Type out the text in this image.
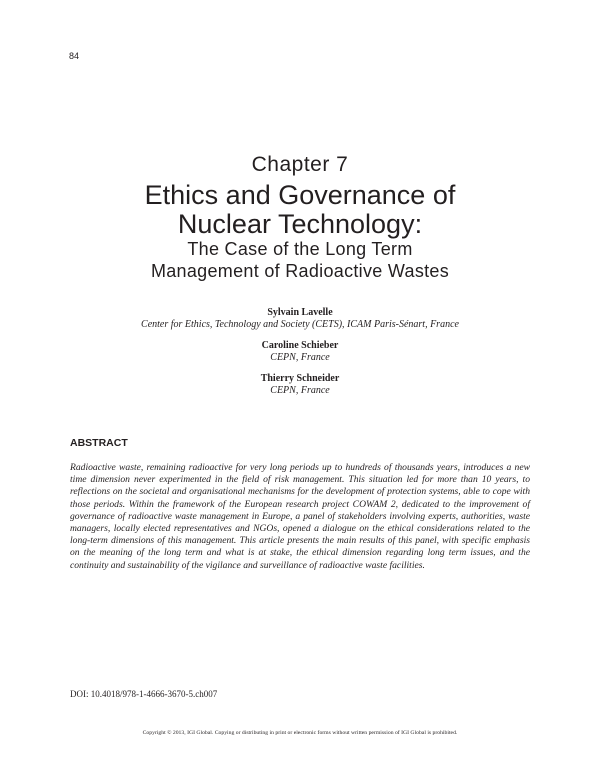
84
Chapter 7
Ethics and Governance of
Nuclear Technology:
The Case of the Long Term
Management of Radioactive Wastes
Sylvain Lavelle
Center for Ethics, Technology and Society (CETS), ICAM Paris-Sénart, France
Caroline Schieber
CEPN, France
Thierry Schneider
CEPN, France
ABSTRACT
Radioactive waste, remaining radioactive for very long periods up to hundreds of thousands years, introduces a new time dimension never experimented in the field of risk management. This situation led for more than 10 years, to reflections on the societal and organisational mechanisms for the development of protection systems, able to cope with those periods. Within the framework of the European research project COWAM 2, dedicated to the improvement of governance of radioactive waste management in Europe, a panel of stakeholders involving experts, authorities, waste managers, locally elected representatives and NGOs, opened a dialogue on the ethical considerations related to the long-term dimensions of this management. This article presents the main results of this panel, with specific emphasis on the meaning of the long term and what is at stake, the ethical dimension regarding long term issues, and the continuity and sustainability of the vigilance and surveillance of radioactive waste facilities.
DOI: 10.4018/978-1-4666-3670-5.ch007
Copyright © 2013, IGI Global. Copying or distributing in print or electronic forms without written permission of IGI Global is prohibited.
